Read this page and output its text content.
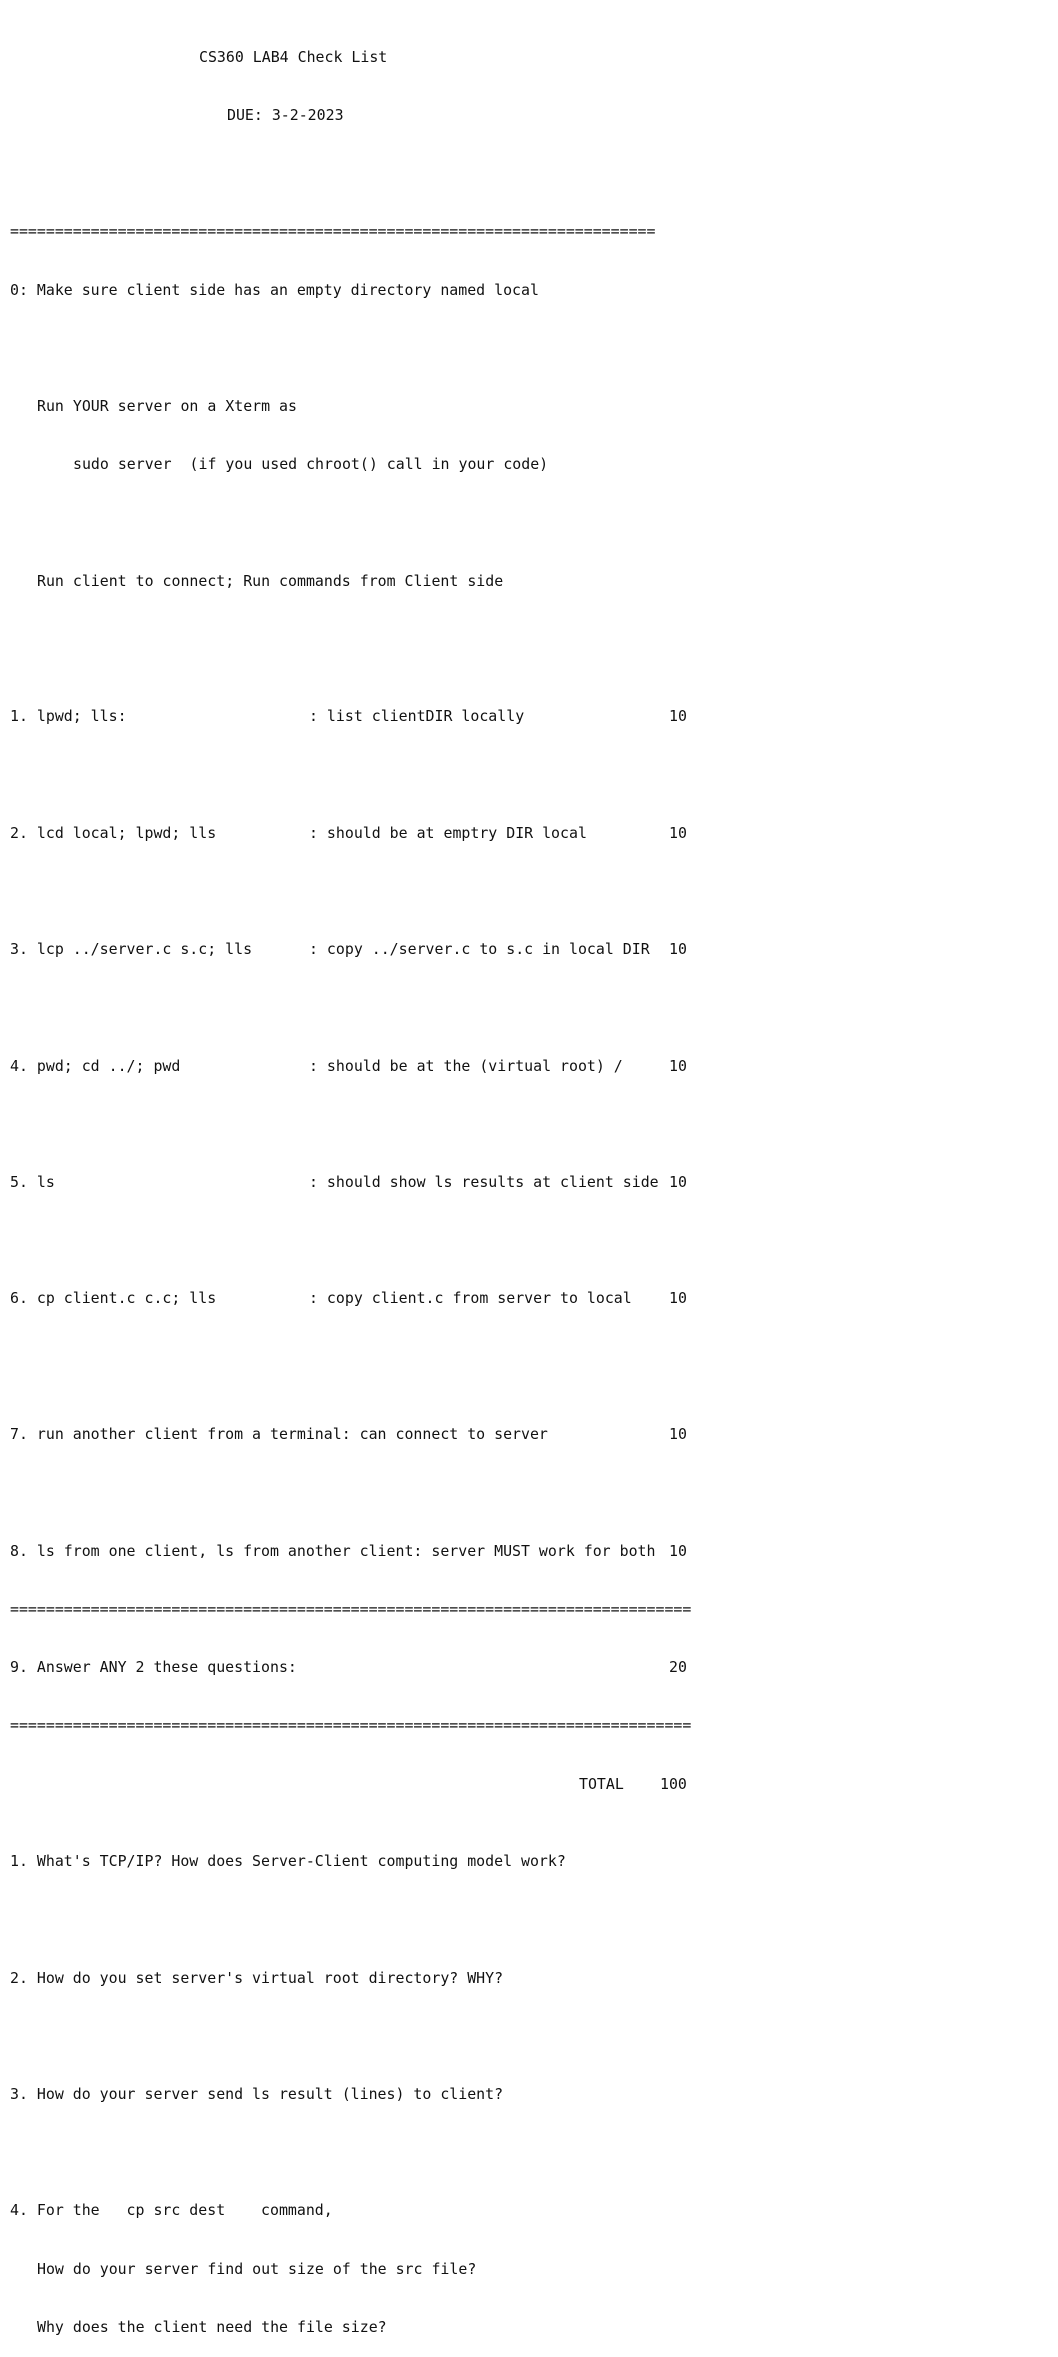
CS360 LAB4 Check List

DUE: 3-2-2023

========================================================================

0: Make sure client side has an empty directory named local

Run YOUR server on a Xterm as

sudo server  (if you used chroot() call in your code)

Run client to connect; Run commands from Client side

1. lpwd; lls:	: list clientDIR locally	10

2. lcd local; lpwd; lls	: should be at emptry DIR local	10

3. lcp ../server.c s.c; lls	: copy ../server.c to s.c in local DIR 10

4. pwd; cd ../; pwd	: should be at the (virtual root) /	10

5. ls	: should show ls results at client side 10

6. cp client.c c.c; lls	: copy client.c from server to local	10

7. run another client from a terminal: can connect to server	10

8. ls from one client, ls from another client: server MUST work for both 10

============================================================================

9. Answer ANY 2 these questions:	20

============================================================================

TOTAL 100

1. What's TCP/IP? How does Server-Client computing model work?

2. How do you set server's virtual root directory? WHY?

3. How do your server send ls result (lines) to client?

4. For the   cp src dest    command,

How do your server find out size of the src file?

Why does the client need the file size?
